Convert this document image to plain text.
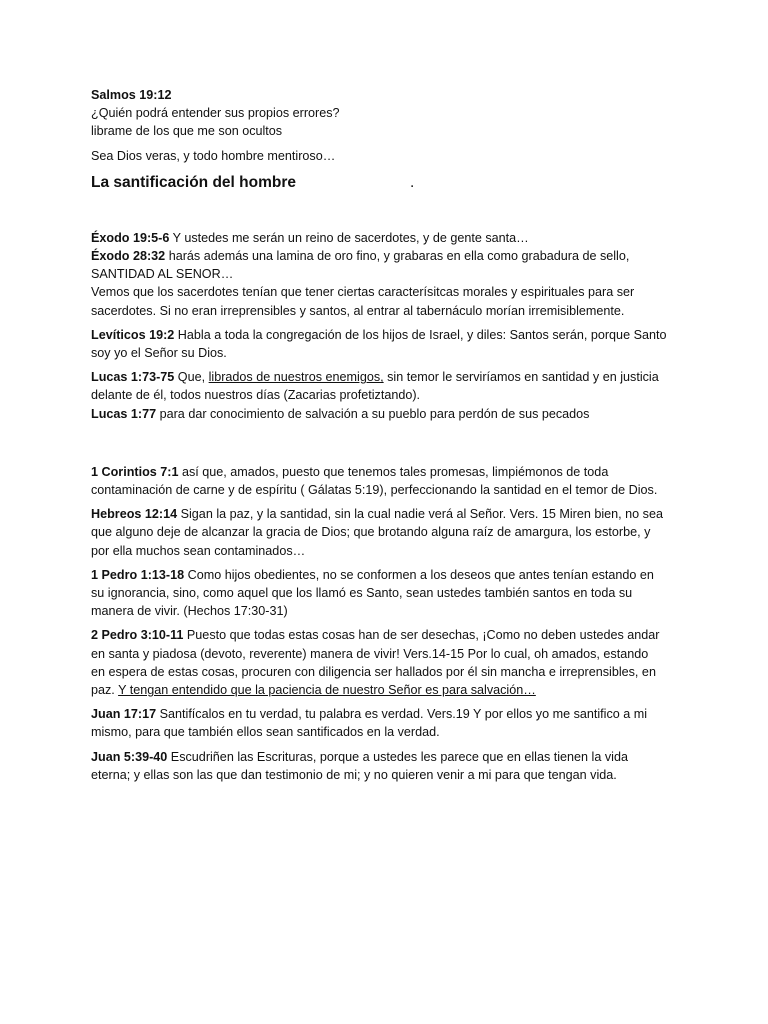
Salmos 19:12
¿Quién podrá entender sus propios errores?
librame de los que me son ocultos
Sea Dios veras, y todo hombre mentiroso…
La santificación del hombre	.
Éxodo 19:5-6 Y ustedes me serán un reino de sacerdotes, y de gente santa…
Éxodo 28:32 harás además una lamina de oro fino, y grabaras en ella como grabadura de sello,
SANTIDAD AL SENOR…
Vemos que los sacerdotes tenían que tener ciertas caracterísitcas morales y espirituales para ser
sacerdotes. Si no eran irreprensibles y santos, al entrar al tabernáculo morían irremisiblemente.
Levíticos 19:2 Habla a toda la congregación de los hijos de Israel, y diles: Santos serán, porque Santo
soy yo el Señor su Dios.
Lucas 1:73-75 Que, librados de nuestros enemigos, sin temor le serviríamos en santidad y en justicia
delante de él, todos nuestros días (Zacarias profetiztando).
Lucas 1:77 para dar conocimiento de salvación a su pueblo para perdón de sus pecados
1 Corintios 7:1 así que, amados, puesto que tenemos tales promesas, limpiémonos de toda
contaminación de carne y de espíritu ( Gálatas 5:19), perfeccionando la santidad en el temor de Dios.
Hebreos 12:14 Sigan la paz, y la santidad, sin la cual nadie verá al Señor. Vers. 15 Miren bien, no sea
que alguno deje de alcanzar la gracia de Dios; que brotando alguna raíz de amargura, los estorbe, y
por ella muchos sean contaminados…
1 Pedro 1:13-18 Como hijos obedientes, no se conformen a los deseos que antes tenían estando en
su ignorancia, sino, como aquel que los llamó es Santo, sean ustedes también santos en toda su
manera de vivir. (Hechos 17:30-31)
2 Pedro 3:10-11 Puesto que todas estas cosas han de ser desechas, ¡Como no deben ustedes andar
en santa y piadosa (devoto, reverente) manera de vivir! Vers.14-15 Por lo cual, oh amados, estando
en espera de estas cosas, procuren con diligencia ser hallados por él sin mancha e irreprensibles, en
paz. Y tengan entendido que la paciencia de nuestro Señor es para salvación…
Juan 17:17 Santifícalos en tu verdad, tu palabra es verdad. Vers.19 Y por ellos yo me santifico a mi
mismo, para que también ellos sean santificados en la verdad.
Juan 5:39-40 Escudriñen las Escrituras, porque a ustedes les parece que en ellas tienen la vida
eterna; y ellas son las que dan testimonio de mi; y no quieren venir a mi para que tengan vida.
